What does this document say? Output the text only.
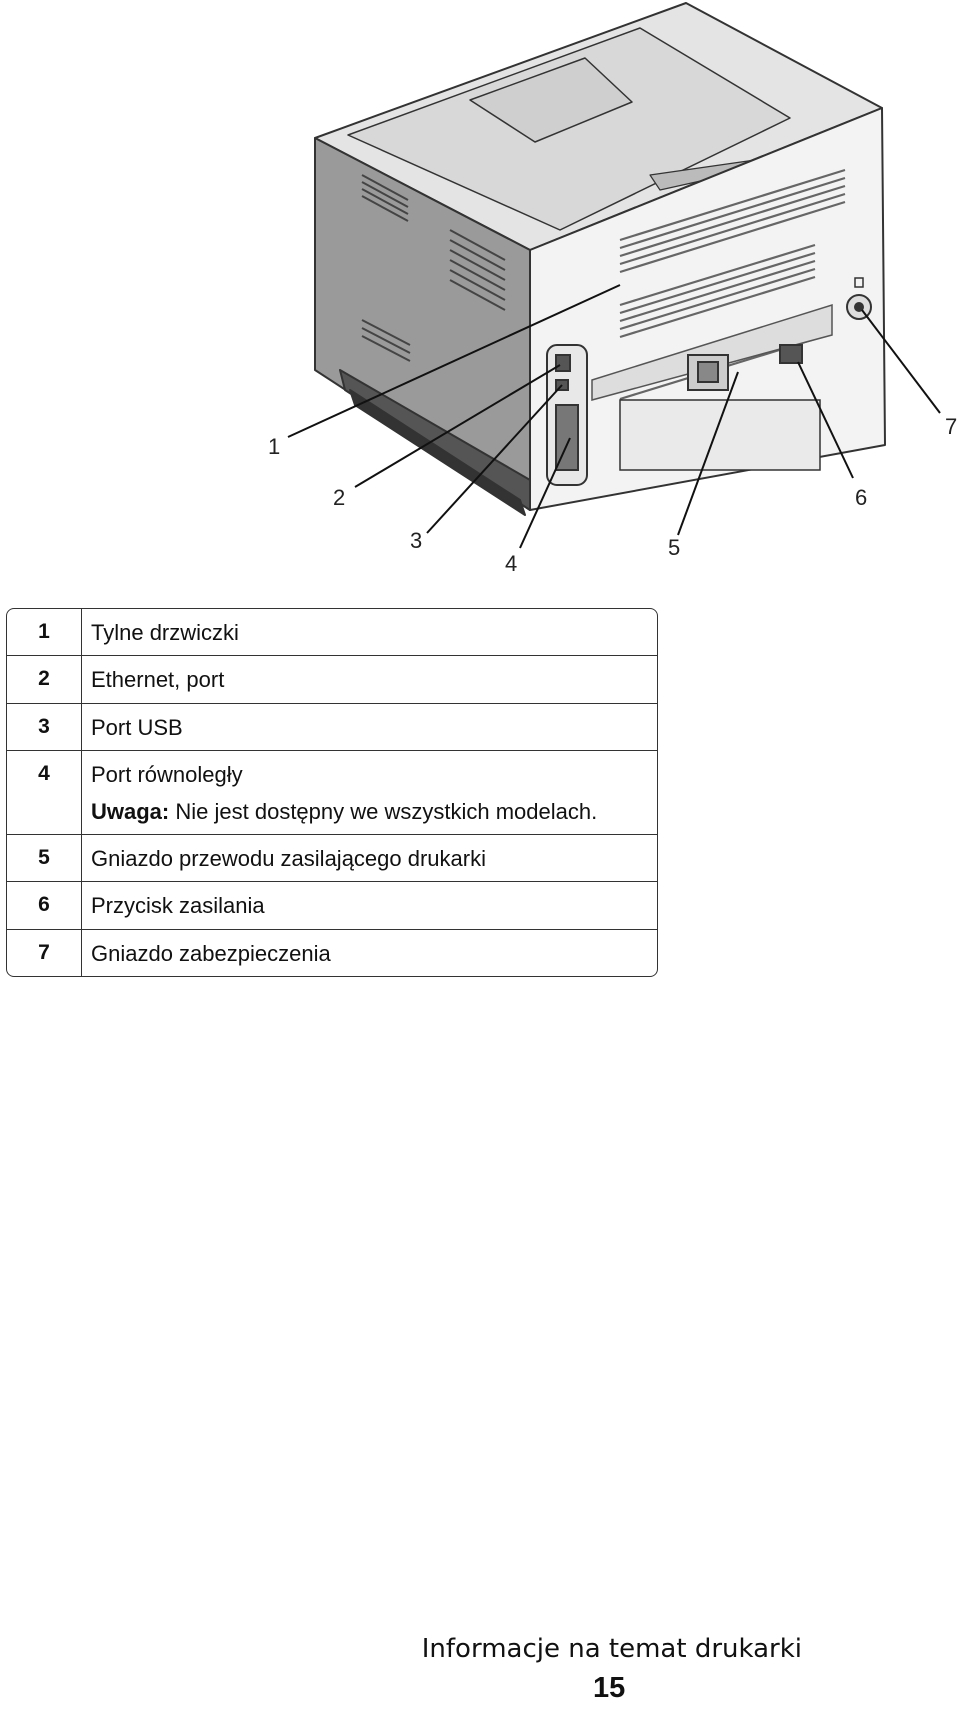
1
2
3
4
5
6
7
1	Tylne drzwiczki
2	Ethernet, port
3	Port USB
4	Port równoległy
Uwaga: Nie jest dostępny we wszystkich modelach.
5	Gniazdo przewodu zasilającego drukarki
6	Przycisk zasilania
7	Gniazdo zabezpieczenia
Informacje na temat drukarki
15
